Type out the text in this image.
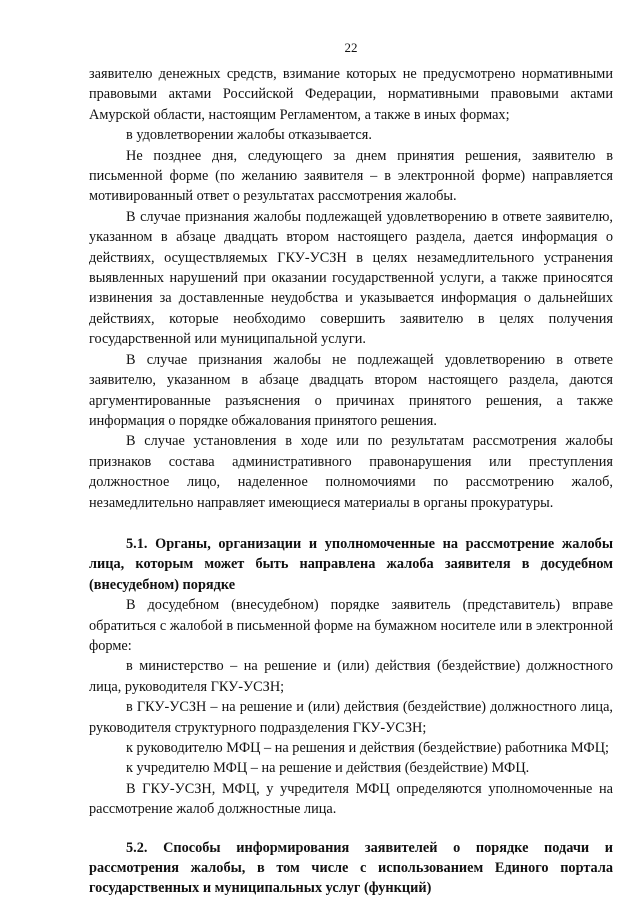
22

заявителю денежных средств, взимание которых не предусмотрено нормативными правовыми актами Российской Федерации, нормативными правовыми актами Амурской области, настоящим Регламентом, а также в иных формах;

в удовлетворении жалобы отказывается.

Не позднее дня, следующего за днем принятия решения, заявителю в письменной форме (по желанию заявителя – в электронной форме) направляется мотивированный ответ о результатах рассмотрения жалобы.

В случае признания жалобы подлежащей удовлетворению в ответе заявителю, указанном в абзаце двадцать втором настоящего раздела, дается информация о действиях, осуществляемых ГКУ-УСЗН в целях незамедлительного устранения выявленных нарушений при оказании государственной услуги, а также приносятся извинения за доставленные неудобства и указывается информация о дальнейших действиях, которые необходимо совершить заявителю в целях получения государственной или муниципальной услуги.

В случае признания жалобы не подлежащей удовлетворению в ответе заявителю, указанном в абзаце двадцать втором настоящего раздела, даются аргументированные разъяснения о причинах принятого решения, а также информация о порядке обжалования принятого решения.

В случае установления в ходе или по результатам рассмотрения жалобы признаков состава административного правонарушения или преступления должностное лицо, наделенное полномочиями по рассмотрению жалоб, незамедлительно направляет имеющиеся материалы в органы прокуратуры.

5.1. Органы, организации и уполномоченные на рассмотрение жалобы лица, которым может быть направлена жалоба заявителя в досудебном (внесудебном) порядке

В досудебном (внесудебном) порядке заявитель (представитель) вправе обратиться с жалобой в письменной форме на бумажном носителе или в электронной форме:

в министерство – на решение и (или) действия (бездействие) должностного лица, руководителя ГКУ-УСЗН;

в ГКУ-УСЗН – на решение и (или) действия (бездействие) должностного лица, руководителя структурного подразделения ГКУ-УСЗН;

к руководителю МФЦ – на решения и действия (бездействие) работника МФЦ;

к учредителю МФЦ – на решение и действия (бездействие) МФЦ.

В ГКУ-УСЗН, МФЦ, у учредителя МФЦ определяются уполномоченные на рассмотрение жалоб должностные лица.

5.2. Способы информирования заявителей о порядке подачи и рассмотрения жалобы, в том числе с использованием Единого портала государственных и муниципальных услуг (функций)
